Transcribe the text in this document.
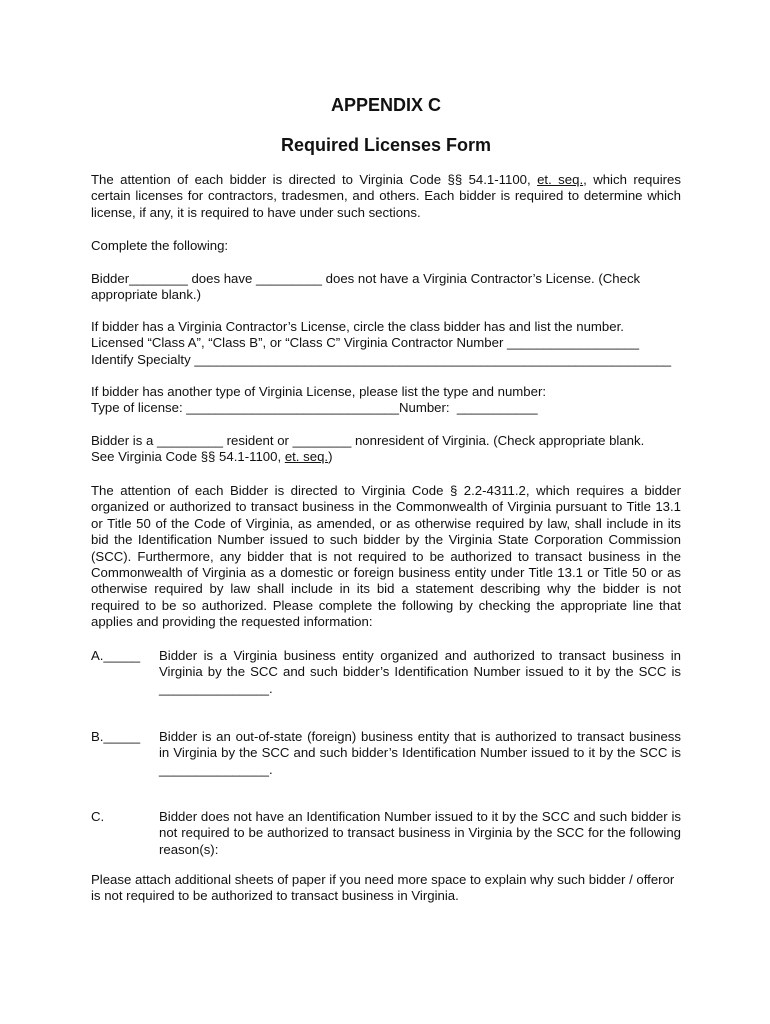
APPENDIX C
Required Licenses Form
The attention of each bidder is directed to Virginia Code §§ 54.1-1100, et. seq., which requires certain licenses for contractors, tradesmen, and others. Each bidder is required to determine which license, if any, it is required to have under such sections.
Complete the following:
Bidder________ does have _________ does not have a Virginia Contractor’s License. (Check
appropriate blank.)
If bidder has a Virginia Contractor’s License, circle the class bidder has and list the number.
Licensed “Class A”, “Class B”, or “Class C” Virginia Contractor Number __________________
Identify Specialty _________________________________________________________________
If bidder has another type of Virginia License, please list the type and number:
Type of license: _____________________________Number:  ___________
Bidder is a _________ resident or ________ nonresident of Virginia. (Check appropriate blank.
See Virginia Code §§ 54.1-1100, et. seq.)
The attention of each Bidder is directed to Virginia Code § 2.2-4311.2, which requires a bidder organized or authorized to transact business in the Commonwealth of Virginia pursuant to Title 13.1 or Title 50 of the Code of Virginia, as amended, or as otherwise required by law, shall include in its bid the Identification Number issued to such bidder by the Virginia State Corporation Commission (SCC). Furthermore, any bidder that is not required to be authorized to transact business in the Commonwealth of Virginia as a domestic or foreign business entity under Title 13.1 or Title 50 or as otherwise required by law shall include in its bid a statement describing why the bidder is not required to be so authorized. Please complete the following by checking the appropriate line that applies and providing the requested information:
A._____ Bidder is a Virginia business entity organized and authorized to transact business in Virginia by the SCC and such bidder’s Identification Number issued to it by the SCC is _______________.
B._____ Bidder is an out-of-state (foreign) business entity that is authorized to transact business in Virginia by the SCC and such bidder’s Identification Number issued to it by the SCC is _______________.
C.	Bidder does not have an Identification Number issued to it by the SCC and such bidder is not required to be authorized to transact business in Virginia by the SCC for the following reason(s):
Please attach additional sheets of paper if you need more space to explain why such bidder / offeror is not required to be authorized to transact business in Virginia.
